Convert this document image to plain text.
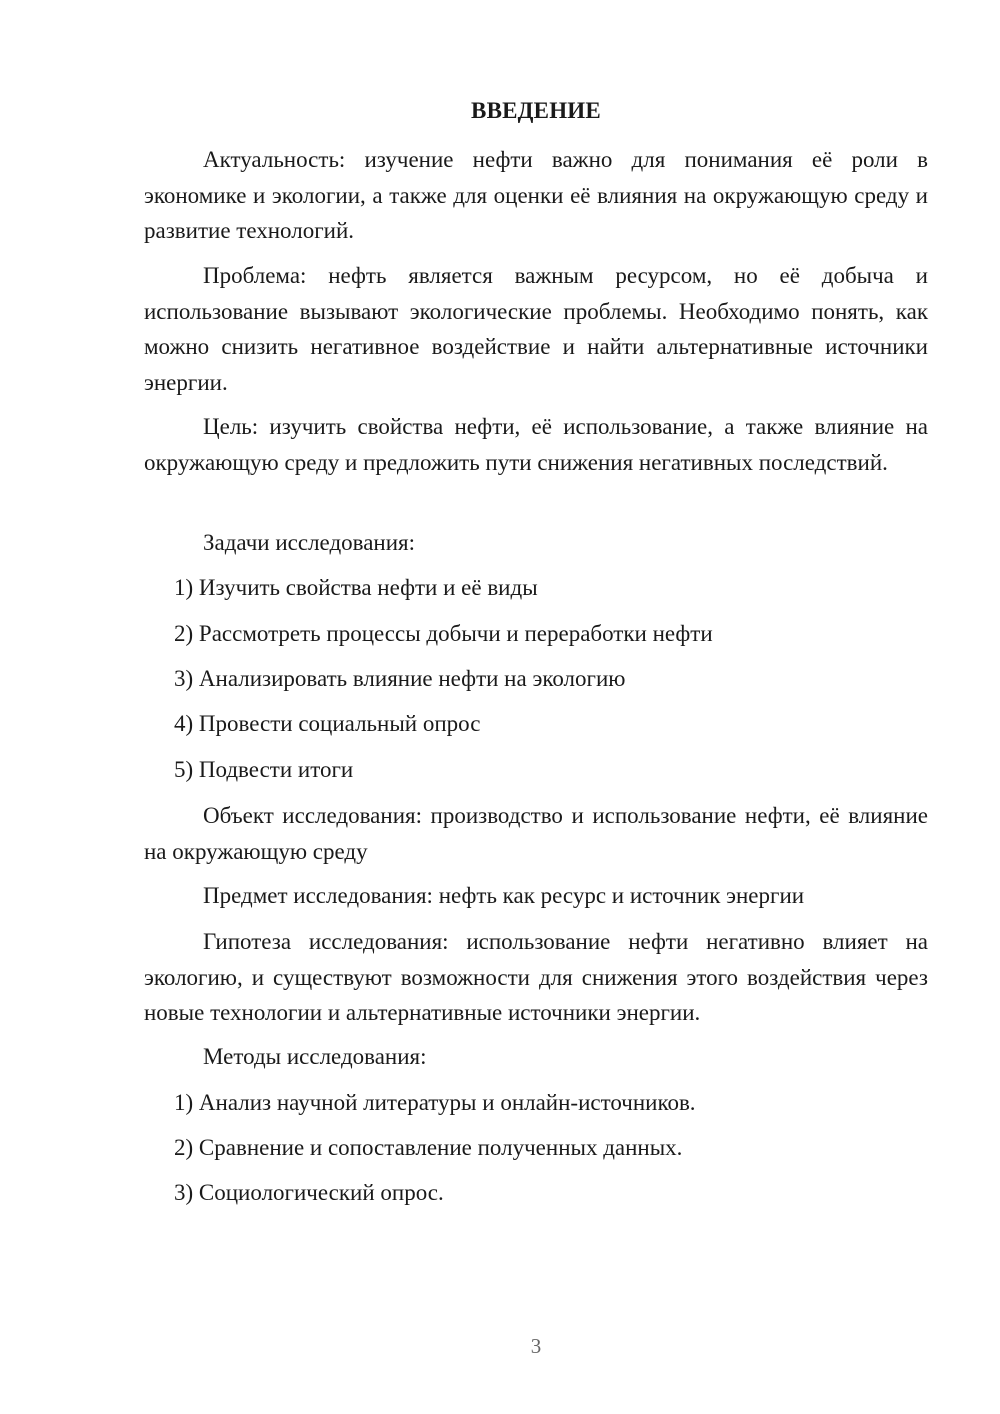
ВВЕДЕНИЕ

Актуальность: изучение нефти важно для понимания её роли в экономике и экологии, а также для оценки её влияния на окружающую среду и развитие технологий.

Проблема: нефть является важным ресурсом, но её добыча и использование вызывают экологические проблемы. Необходимо понять, как можно снизить негативное воздействие и найти альтернативные источники энергии.

Цель: изучить свойства нефти, её использование, а также влияние на окружающую среду и предложить пути снижения негативных последствий.

Задачи исследования:

1) Изучить свойства нефти и её виды

2) Рассмотреть процессы добычи и переработки нефти

3) Анализировать влияние нефти на экологию

4) Провести социальный опрос

5) Подвести итоги

Объект исследования: производство и использование нефти, её влияние на окружающую среду

Предмет исследования: нефть как ресурс и источник энергии

Гипотеза исследования: использование нефти негативно влияет на экологию, и существуют возможности для снижения этого воздействия через новые технологии и альтернативные источники энергии.

Методы исследования:

1) Анализ научной литературы и онлайн-источников.

2) Сравнение и сопоставление полученных данных.

3) Социологический опрос.

3
